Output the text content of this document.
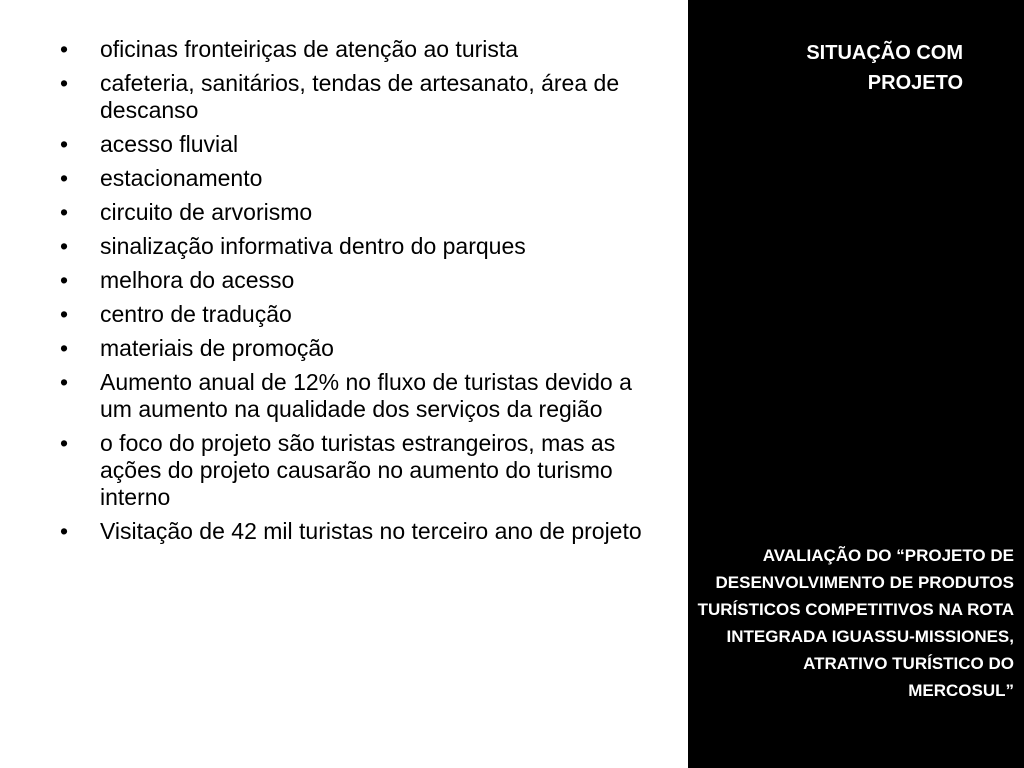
•	oficinas fronteiriças de atenção ao turista
•	cafeteria, sanitários, tendas de artesanato, área de descanso
•	acesso fluvial
•	estacionamento
•	circuito de arvorismo
•	sinalização informativa dentro do parques
•	melhora do acesso
•	centro de tradução
•	materiais de promoção
•	Aumento anual de 12% no fluxo de turistas devido a um aumento na qualidade dos serviços da região
•	o foco do projeto são turistas estrangeiros, mas as ações do projeto causarão no aumento do turismo interno
•	Visitação de 42 mil turistas no terceiro ano de projeto
SITUAÇÃO COM PROJETO
AVALIAÇÃO DO “PROJETO DE DESENVOLVIMENTO DE PRODUTOS TURÍSTICOS COMPETITIVOS NA ROTA INTEGRADA IGUASSU-MISSIONES, ATRATIVO TURÍSTICO DO MERCOSUL”
